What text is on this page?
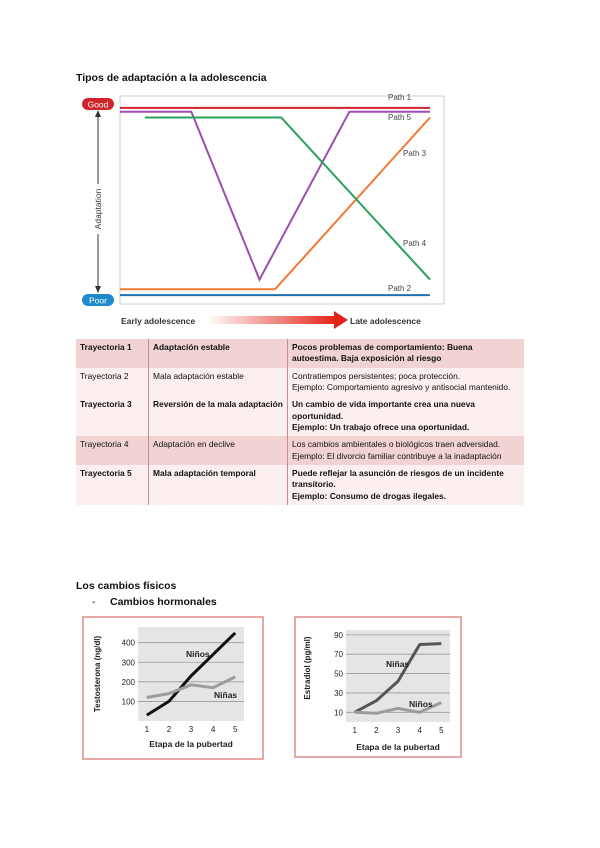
Tipos de adaptación a la adolescencia
Adaptation
Good
Poor
Path 1
Path 5
Path 3
Path 4
Path 2
Early adolescence	Late adolescence
Trayectoria 1	Adaptación estable	Pocos problemas de comportamiento: Buena autoestima. Baja exposición al riesgo

Trayectoria 2	Mala adaptación estable	Contratiempos persistentes; poca protección.
Ejemplo: Comportamiento agresivo y antisocial mantenido.

Trayectoria 3	Reversión de la mala adaptación	Un cambio de vida importante crea una nueva oportunidad.
Ejemplo: Un trabajo ofrece una oportunidad.

Trayectoria 4	Adaptación en declive	Los cambios ambientales o biológicos traen adversidad.
Ejemplo: El divorcio familiar contribuye a la inadaptación

Trayectoria 5	Mala adaptación temporal	Puede reflejar la asunción de riesgos de un incidente transitorio.
Ejemplo: Consumo de drogas ilegales.
Los cambios físicos
- Cambios hormonales
100
200
300
400
1 2 3 4 5
Niños
Niñas
Testosterona (ng/dl)
Etapa de la pubertad
10
30
50
70
90
1 2 3 4 5
Niñas
Niños
Estradiol (pg/ml)
Etapa de la pubertad
